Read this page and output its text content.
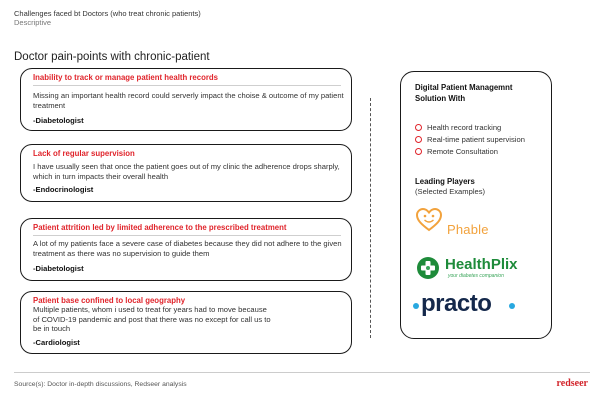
Challenges faced bt Doctors (who treat chronic patients)
Descriptive
Doctor pain-points with chronic-patient
Inability to track or manage patient health records
Missing an important health record could serverly impact the choise & outcome of my patient treatment
-Diabetologist
Lack of regular supervision
I have usually seen that once the patient goes out of my clinic the adherence drops sharply, which in turn impacts their overall health
-Endocrinologist
Patient attrition led by limited adherence to the prescribed treatment
A lot of my patients face a severe case of diabetes because they did not adhere to the given treatment as there was no supervision to guide them
-Diabetologist
Patient base confined to local geography
Multiple patients, whom i used to treat for years had to move because of COVID-19 pandemic and post that there was no except for call us to be in touch
-Cardiologist
Digital Patient Managemnt Solution With
Health record tracking
Real-time patient supervision
Remote Consultation
Leading Players
(Selected Examples)
Phable
HealthPlix
your diabetes companion
practo
Source(s): Doctor in-depth discussions, Redseer analysis	redseer
